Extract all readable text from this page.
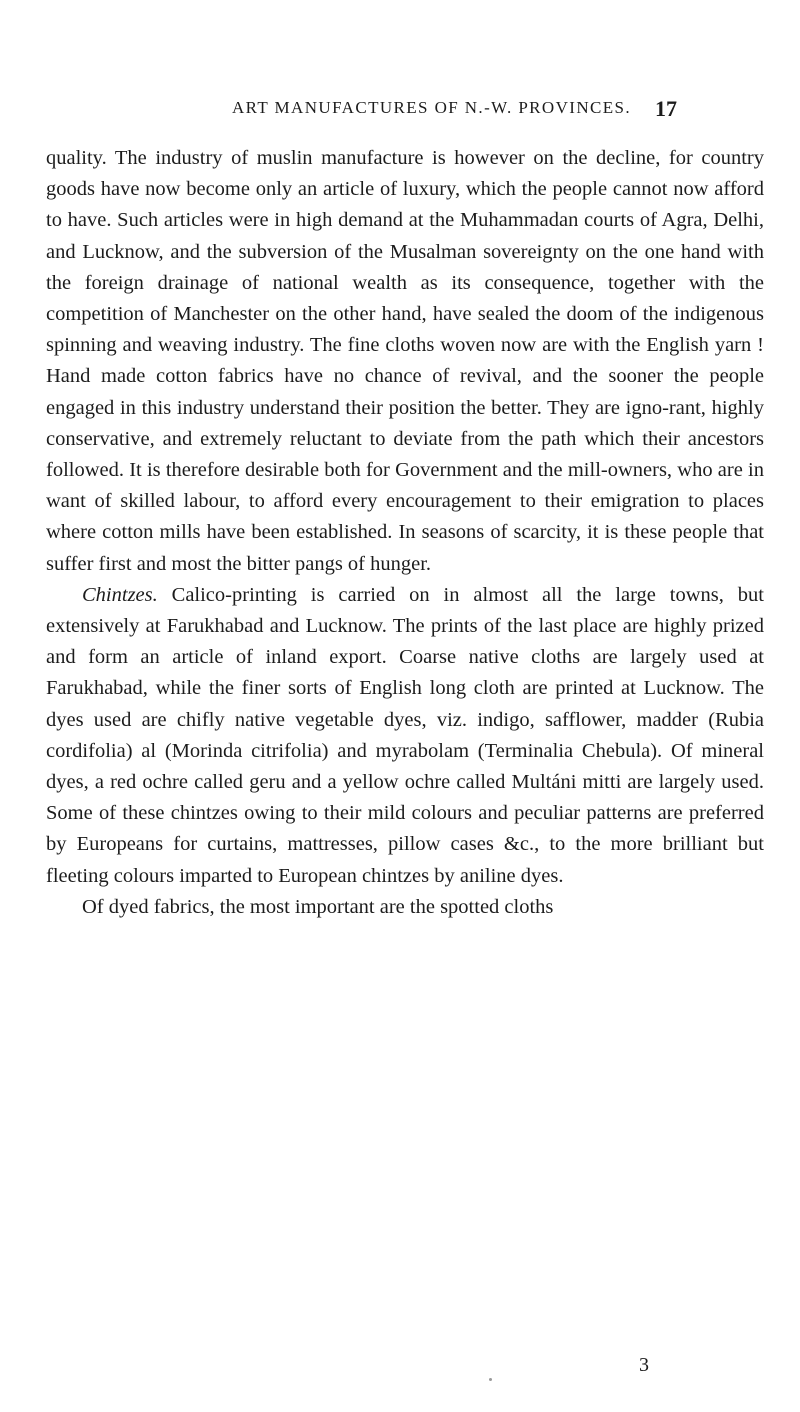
ART MANUFACTURES OF N.-W. PROVINCES. 17

quality. The industry of muslin manufacture is however on the decline, for country goods have now become only an article of luxury, which the people cannot now afford to have. Such articles were in high demand at the Muhammadan courts of Agra, Delhi, and Lucknow, and the subversion of the Musalman sovereignty on the one hand with the foreign drainage of national wealth as its consequence, together with the competition of Manchester on the other hand, have sealed the doom of the indigenous spinning and weaving industry. The fine cloths woven now are with the English yarn ! Hand made cotton fabrics have no chance of revival, and the sooner the people engaged in this industry understand their position the better. They are igno-rant, highly conservative, and extremely reluctant to deviate from the path which their ancestors followed. It is therefore desirable both for Government and the mill-owners, who are in want of skilled labour, to afford every encouragement to their emigration to places where cotton mills have been established. In seasons of scarcity, it is these people that suffer first and most the bitter pangs of hunger.

Chintzes. Calico-printing is carried on in almost all the large towns, but extensively at Farukhabad and Lucknow. The prints of the last place are highly prized and form an article of inland export. Coarse native cloths are largely used at Farukhabad, while the finer sorts of English long cloth are printed at Lucknow. The dyes used are chifly native vegetable dyes, viz. indigo, safflower, madder (Rubia cordifolia) al (Morinda citrifolia) and myrabolam (Terminalia Chebula). Of mineral dyes, a red ochre called geru and a yellow ochre called Multáni mitti are largely used. Some of these chintzes owing to their mild colours and peculiar patterns are preferred by Europeans for curtains, mattresses, pillow cases &c., to the more brilliant but fleeting colours imparted to European chintzes by aniline dyes.

Of dyed fabrics, the most important are the spotted cloths

3
